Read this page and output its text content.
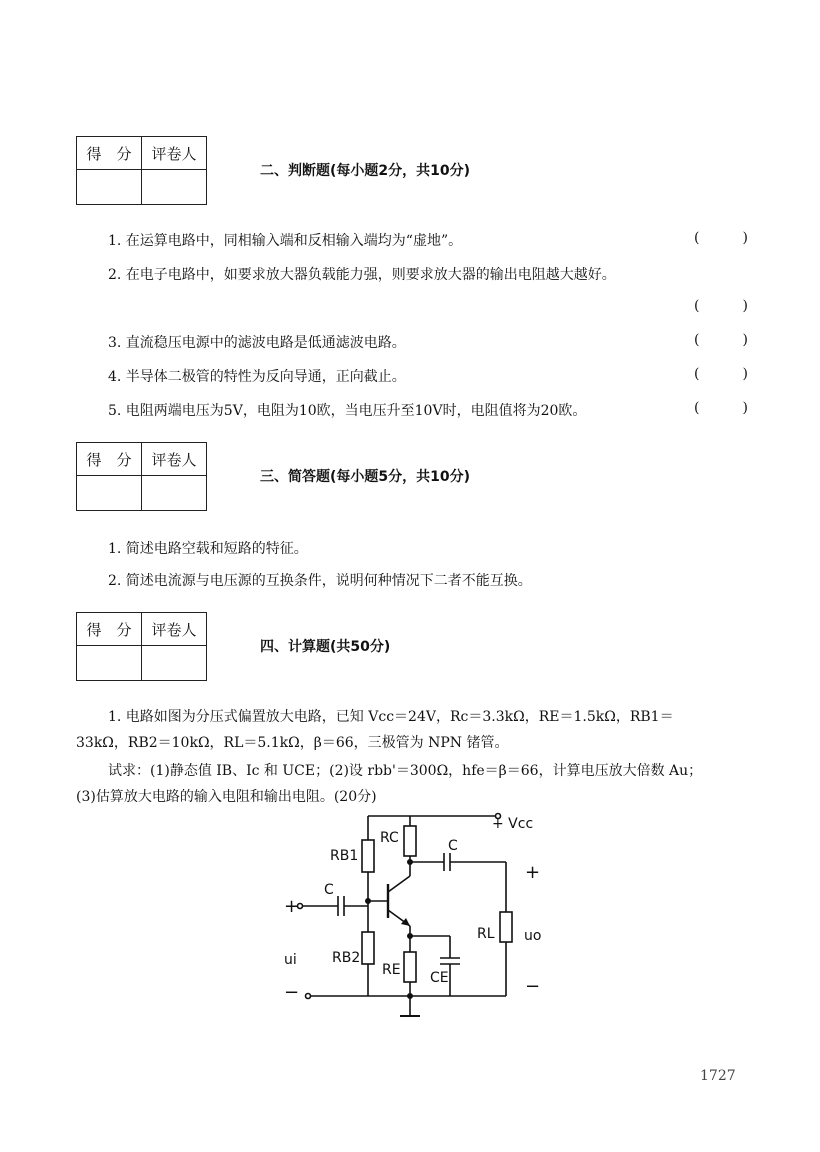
得　分	评卷人

二、判断题(每小题2分，共10分)
1. 在运算电路中，同相输入端和反相输入端均为“虚地”。	(	)
2. 在电子电路中，如要求放大器负载能力强，则要求放大器的输出电阻越大越好。
(	)
3. 直流稳压电源中的滤波电路是低通滤波电路。	(	)
4. 半导体二极管的特性为反向导通，正向截止。	(	)
5. 电阻两端电压为5V，电阻为10欧，当电压升至10V时，电阻值将为20欧。	(	)
得　分	评卷人

三、简答题(每小题5分，共10分)
1. 简述电路空载和短路的特征。
2. 简述电流源与电压源的互换条件，说明何种情况下二者不能互换。
得　分	评卷人

四、计算题(共50分)
1. 电路如图为分压式偏置放大电路，已知 Vcc＝24V，Rc＝3.3kΩ，RE＝1.5kΩ，RB1＝
33kΩ，RB2＝10kΩ，RL＝5.1kΩ，β＝66，三极管为 NPN 锗管。
试求：(1)静态值 IB、Ic 和 UCE；(2)设 rbb'＝300Ω，hfe＝β＝66，计算电压放大倍数 Au；
(3)估算放大电路的输入电阻和输出电阻。(20分)
+ Vcc
RB1
RC	C
RL
+
uo
−
C
+
ui
−
RB2
RE CE
1727
